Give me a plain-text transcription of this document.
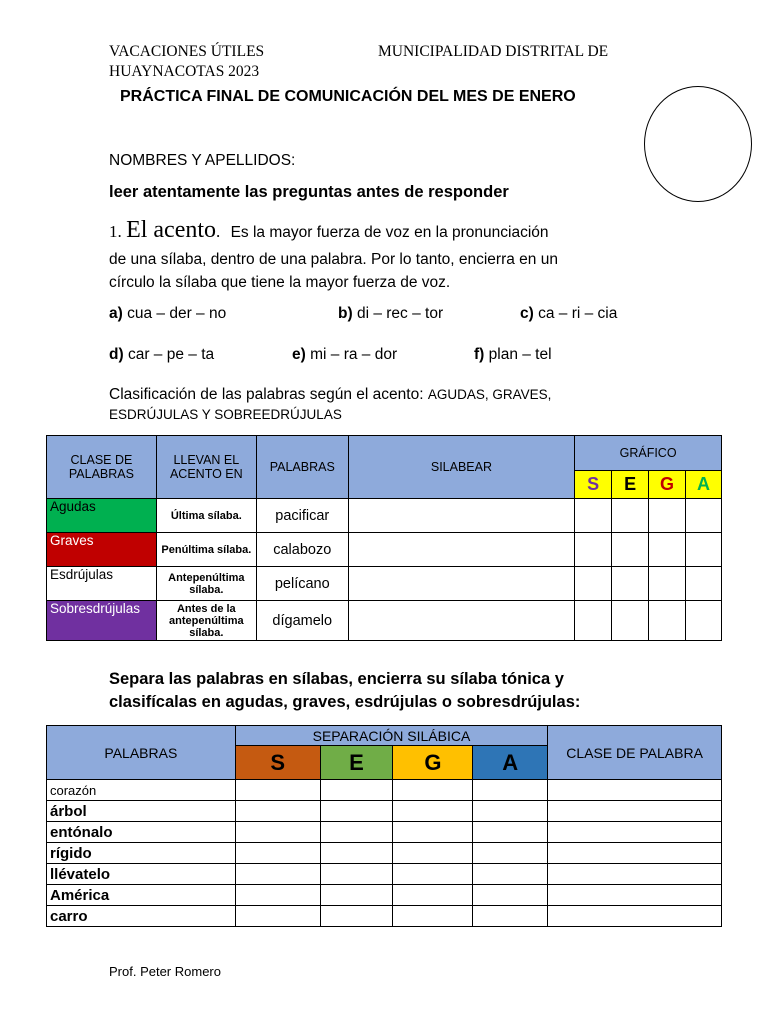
VACACIONES ÚTILES	MUNICIPALIDAD DISTRITAL DE
HUAYNACOTAS 2023
PRÁCTICA FINAL DE COMUNICACIÓN DEL MES DE ENERO
NOMBRES Y APELLIDOS:
leer atentamente las preguntas antes de responder
1. El acento. Es la mayor fuerza de voz en la pronunciación
de una sílaba, dentro de una palabra. Por lo tanto, encierra en un
círculo la sílaba que tiene la mayor fuerza de voz.
a) cua – der – no	b) di – rec – tor	c) ca – ri – cia
d) car – pe – ta	e) mi – ra – dor	f) plan – tel
Clasificación de las palabras según el acento: AGUDAS, GRAVES,
ESDRÚJULAS Y SOBREEDRÚJULAS
CLASE DE PALABRAS	LLEVAN EL ACENTO EN	PALABRAS	SILABEAR	GRÁFICO			
				S	E	G	A
Agudas	Última sílaba.	pacificar					
Graves	Penúltima sílaba.	calabozo					
Esdrújulas	Antepenúltima sílaba.	pelícano					
Sobresdrújulas	Antes de la antepenúltima sílaba.	dígamelo					
Separa las palabras en sílabas, encierra su sílaba tónica y
clasifícalas en agudas, graves, esdrújulas o sobresdrújulas:
PALABRAS	SEPARACIÓN SILÁBICA				CLASE DE PALABRA
	S	E	G	A	
corazón					
árbol					
entónalo					
rígido					
llévatelo					
América					
carro					
Prof. Peter Romero
